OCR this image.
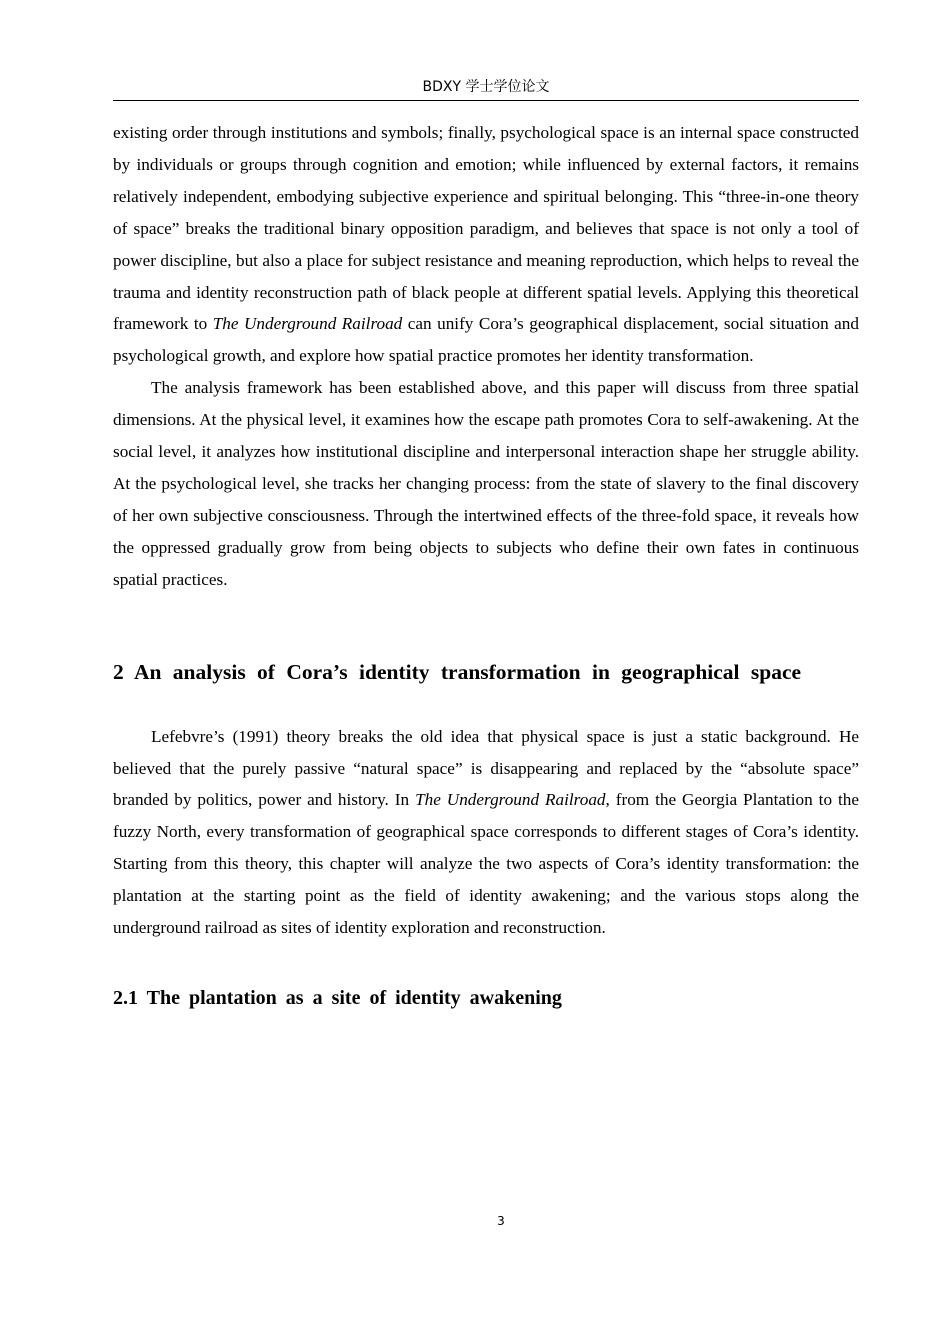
BDXY 学士学位论文

existing order through institutions and symbols; finally, psychological space is an internal space constructed by individuals or groups through cognition and emotion; while influenced by external factors, it remains relatively independent, embodying subjective experience and spiritual belonging. This “three-in-one theory of space” breaks the traditional binary opposition paradigm, and believes that space is not only a tool of power discipline, but also a place for subject resistance and meaning reproduction, which helps to reveal the trauma and identity reconstruction path of black people at different spatial levels. Applying this theoretical framework to The Underground Railroad can unify Cora’s geographical displacement, social situation and psychological growth, and explore how spatial practice promotes her identity transformation.

The analysis framework has been established above, and this paper will discuss from three spatial dimensions. At the physical level, it examines how the escape path promotes Cora to self-awakening. At the social level, it analyzes how institutional discipline and interpersonal interaction shape her struggle ability. At the psychological level, she tracks her changing process: from the state of slavery to the final discovery of her own subjective consciousness. Through the intertwined effects of the three-fold space, it reveals how the oppressed gradually grow from being objects to subjects who define their own fates in continuous spatial practices.

2 An analysis of Cora’s identity transformation in geographical space

Lefebvre’s (1991) theory breaks the old idea that physical space is just a static background. He believed that the purely passive “natural space” is disappearing and replaced by the “absolute space” branded by politics, power and history. In The Underground Railroad, from the Georgia Plantation to the fuzzy North, every transformation of geographical space corresponds to different stages of Cora’s identity. Starting from this theory, this chapter will analyze the two aspects of Cora’s identity transformation: the plantation at the starting point as the field of identity awakening; and the various stops along the underground railroad as sites of identity exploration and reconstruction.

2.1 The plantation as a site of identity awakening
3
